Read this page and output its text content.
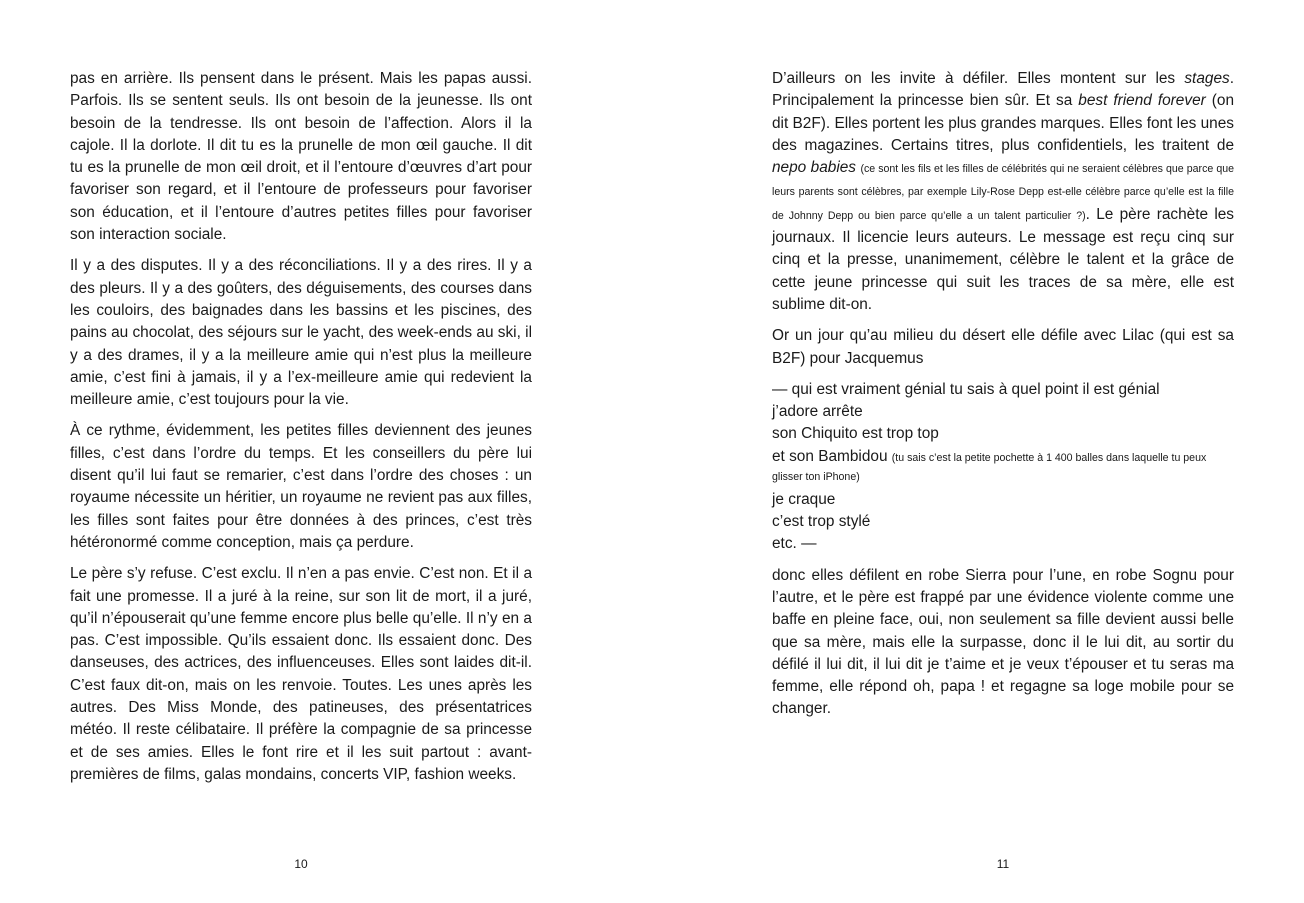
pas en arrière. Ils pensent dans le présent. Mais les papas aussi. Parfois. Ils se sentent seuls. Ils ont besoin de la jeunesse. Ils ont besoin de la tendresse. Ils ont besoin de l’affection. Alors il la cajole. Il la dorlote. Il dit tu es la prunelle de mon œil gauche. Il dit tu es la prunelle de mon œil droit, et il l’entoure d’œuvres d’art pour favoriser son regard, et il l’entoure de professeurs pour favoriser son éducation, et il l’entoure d’autres petites filles pour favoriser son interaction sociale.

Il y a des disputes. Il y a des réconciliations. Il y a des rires. Il y a des pleurs. Il y a des goûters, des déguisements, des courses dans les couloirs, des baignades dans les bassins et les piscines, des pains au chocolat, des séjours sur le yacht, des week-ends au ski, il y a des drames, il y a la meilleure amie qui n’est plus la meilleure amie, c’est fini à jamais, il y a l’ex-meilleure amie qui redevient la meilleure amie, c’est toujours pour la vie.

À ce rythme, évidemment, les petites filles deviennent des jeunes filles, c’est dans l’ordre du temps. Et les conseillers du père lui disent qu’il lui faut se remarier, c’est dans l’ordre des choses : un royaume nécessite un héritier, un royaume ne revient pas aux filles, les filles sont faites pour être données à des princes, c’est très hétéronormé comme conception, mais ça perdure.

Le père s’y refuse. C’est exclu. Il n’en a pas envie. C’est non. Et il a fait une promesse. Il a juré à la reine, sur son lit de mort, il a juré, qu’il n’épouserait qu’une femme encore plus belle qu’elle. Il n’y en a pas. C’est impossible. Qu’ils essaient donc. Ils essaient donc. Des danseuses, des actrices, des influenceuses. Elles sont laides dit-il. C’est faux dit-on, mais on les renvoie. Toutes. Les unes après les autres. Des Miss Monde, des patineuses, des présentatrices météo. Il reste célibataire. Il préfère la compagnie de sa princesse et de ses amies. Elles le font rire et il les suit partout : avant-premières de films, galas mondains, concerts VIP, fashion weeks.

D’ailleurs on les invite à défiler. Elles montent sur les stages. Principalement la princesse bien sûr. Et sa best friend forever (on dit B2F). Elles portent les plus grandes marques. Elles font les unes des magazines. Certains titres, plus confidentiels, les traitent de nepo babies (ce sont les fils et les filles de célébrités qui ne seraient célèbres que parce que leurs parents sont célèbres, par exemple Lily-Rose Depp est-elle célèbre parce qu’elle est la fille de Johnny Depp ou bien parce qu’elle a un talent particulier ?). Le père rachète les journaux. Il licencie leurs auteurs. Le message est reçu cinq sur cinq et la presse, unanimement, célèbre le talent et la grâce de cette jeune princesse qui suit les traces de sa mère, elle est sublime dit-on.

Or un jour qu’au milieu du désert elle défile avec Lilac (qui est sa B2F) pour Jacquemus

— qui est vraiment génial tu sais à quel point il est génial

j’adore arrête

son Chiquito est trop top

et son Bambidou (tu sais c’est la petite pochette à 1 400 balles dans laquelle tu peux glisser ton iPhone)

je craque

c’est trop stylé

etc. —

donc elles défilent en robe Sierra pour l’une, en robe Sognu pour l’autre, et le père est frappé par une évidence violente comme une baffe en pleine face, oui, non seulement sa fille devient aussi belle que sa mère, mais elle la surpasse, donc il le lui dit, au sortir du défilé il lui dit, il lui dit je t’aime et je veux t’épouser et tu seras ma femme, elle répond oh, papa ! et regagne sa loge mobile pour se changer.

10	11
